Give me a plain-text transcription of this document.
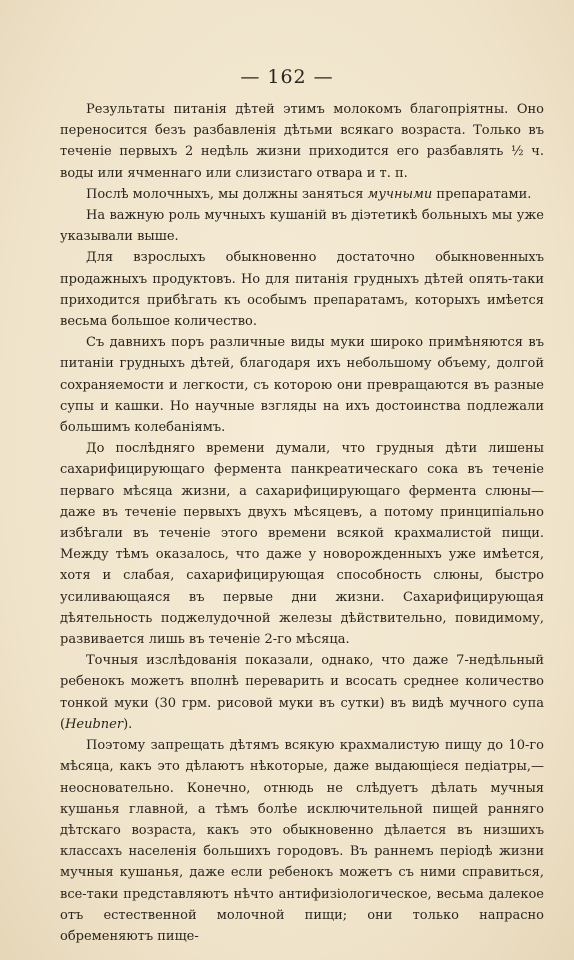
— 162 —

Результаты питанія дѣтей этимъ молокомъ благопріятны. Оно переносится безъ разбавленія дѣтьми всякаго возраста. Только въ теченіе первыхъ 2 недѣль жизни приходится его разбавлять ½ ч. воды или ячменнаго или слизистаго отвара и т. п.

Послѣ молочныхъ, мы должны заняться мучными препаратами.

На важную роль мучныхъ кушаній въ діэтетикѣ больныхъ мы уже указывали выше.

Для взрослыхъ обыкновенно достаточно обыкновенныхъ продажныхъ продуктовъ. Но для питанія грудныхъ дѣтей опять-таки приходится прибѣгать къ особымъ препаратамъ, которыхъ имѣется весьма большое количество.

Съ давнихъ поръ различные виды муки широко примѣняются въ питаніи грудныхъ дѣтей, благодаря ихъ небольшому объему, долгой сохраняемости и легкости, съ которою они превращаются въ разные супы и кашки. Но научные взгляды на ихъ достоинства подлежали большимъ колебаніямъ.

До послѣдняго времени думали, что грудныя дѣти лишены сахарифицирующаго фермента панкреатическаго сока въ теченіе перваго мѣсяца жизни, а сахарифицирующаго фермента слюны—даже въ теченіе первыхъ двухъ мѣсяцевъ, а потому принципіально избѣгали въ теченіе этого времени всякой крахмалистой пищи. Между тѣмъ оказалось, что даже у новорожденныхъ уже имѣется, хотя и слабая, сахарифицирующая способность слюны, быстро усиливающаяся въ первые дни жизни. Сахарифицирующая дѣятельность поджелудочной железы дѣйствительно, повидимому, развивается лишь въ теченіе 2-го мѣсяца.

Точныя изслѣдованія показали, однако, что даже 7-недѣльный ребенокъ можетъ вполнѣ переварить и всосать среднее количество тонкой муки (30 грм. рисовой муки въ сутки) въ видѣ мучного супа (Heubner).

Поэтому запрещать дѣтямъ всякую крахмалистую пищу до 10-го мѣсяца, какъ это дѣлаютъ нѣкоторые, даже выдающіеся педіатры,—неосновательно. Конечно, отнюдь не слѣдуетъ дѣлать мучныя кушанья главной, а тѣмъ болѣе исключительной пищей ранняго дѣтскаго возраста, какъ это обыкновенно дѣлается въ низшихъ классахъ населенія большихъ городовъ. Въ раннемъ періодѣ жизни мучныя кушанья, даже если ребенокъ можетъ съ ними справиться, все-таки представляютъ нѣчто антифизіологическое, весьма далекое отъ естественной молочной пищи; они только напрасно обременяютъ пище-
